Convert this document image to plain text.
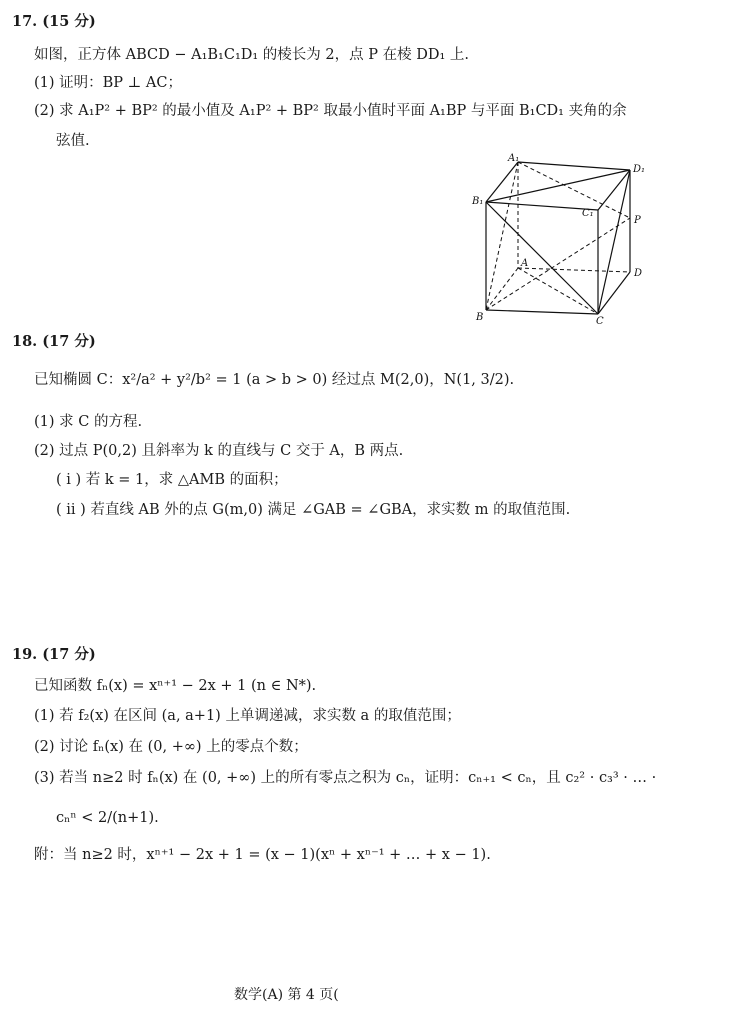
17. (15 分)
如图，正方体 ABCD − A₁B₁C₁D₁ 的棱长为 2，点 P 在棱 DD₁ 上.
(1) 证明：BP ⊥ AC；
(2) 求 A₁P² + BP² 的最小值及 A₁P² + BP² 取最小值时平面 A₁BP 与平面 B₁CD₁ 夹角的余
弦值.
A₁
D₁
B₁
C₁
P
A
D
B	C
18. (17 分)
已知椭圆 C：x²/a² + y²/b² = 1 (a > b > 0) 经过点 M(2,0)，N(1, 3/2).
(1) 求 C 的方程.
(2) 过点 P(0,2) 且斜率为 k 的直线与 C 交于 A，B 两点.
( i ) 若 k = 1，求 △AMB 的面积；
( ii ) 若直线 AB 外的点 G(m,0) 满足 ∠GAB = ∠GBA，求实数 m 的取值范围.
19. (17 分)
已知函数 fₙ(x) = xⁿ⁺¹ − 2x + 1 (n ∈ N*).
(1) 若 f₂(x) 在区间 (a, a+1) 上单调递减，求实数 a 的取值范围；
(2) 讨论 fₙ(x) 在 (0, +∞) 上的零点个数；
(3) 若当 n≥2 时 fₙ(x) 在 (0, +∞) 上的所有零点之积为 cₙ，证明：cₙ₊₁ < cₙ，且 c₂² · c₃³ · … ·
cₙⁿ < 2/(n+1).
附：当 n≥2 时，xⁿ⁺¹ − 2x + 1 = (x − 1)(xⁿ + xⁿ⁻¹ + … + x − 1).
数学(A) 第 4 页(
